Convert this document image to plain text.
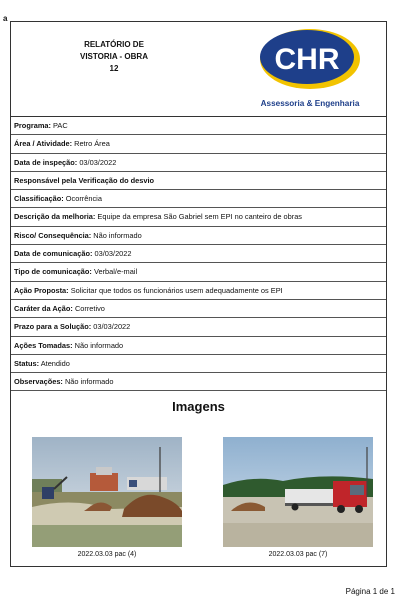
a
RELATÓRIO DE
VISTORIA - OBRA
12	CHR
Assessoria & Engenharia
Programa: PAC
Área / Atividade: Retro Área
Data de inspeção: 03/03/2022
Responsável pela Verificação do desvio
Classificação: Ocorrência
Descrição da melhoria: Equipe da empresa São Gabriel sem EPI no canteiro de obras
Risco/ Consequência: Não informado
Data de comunicação: 03/03/2022
Tipo de comunicação: Verbal/e-mail
Ação Proposta: Solicitar que todos os funcionários usem adequadamente os EPI
Caráter da Ação: Corretivo
Prazo para a Solução: 03/03/2022
Ações Tomadas: Não informado
Status: Atendido
Observações: Não informado
Imagens
2022.03.03 pac (4)	2022.03.03 pac (7)
Página 1 de 1
